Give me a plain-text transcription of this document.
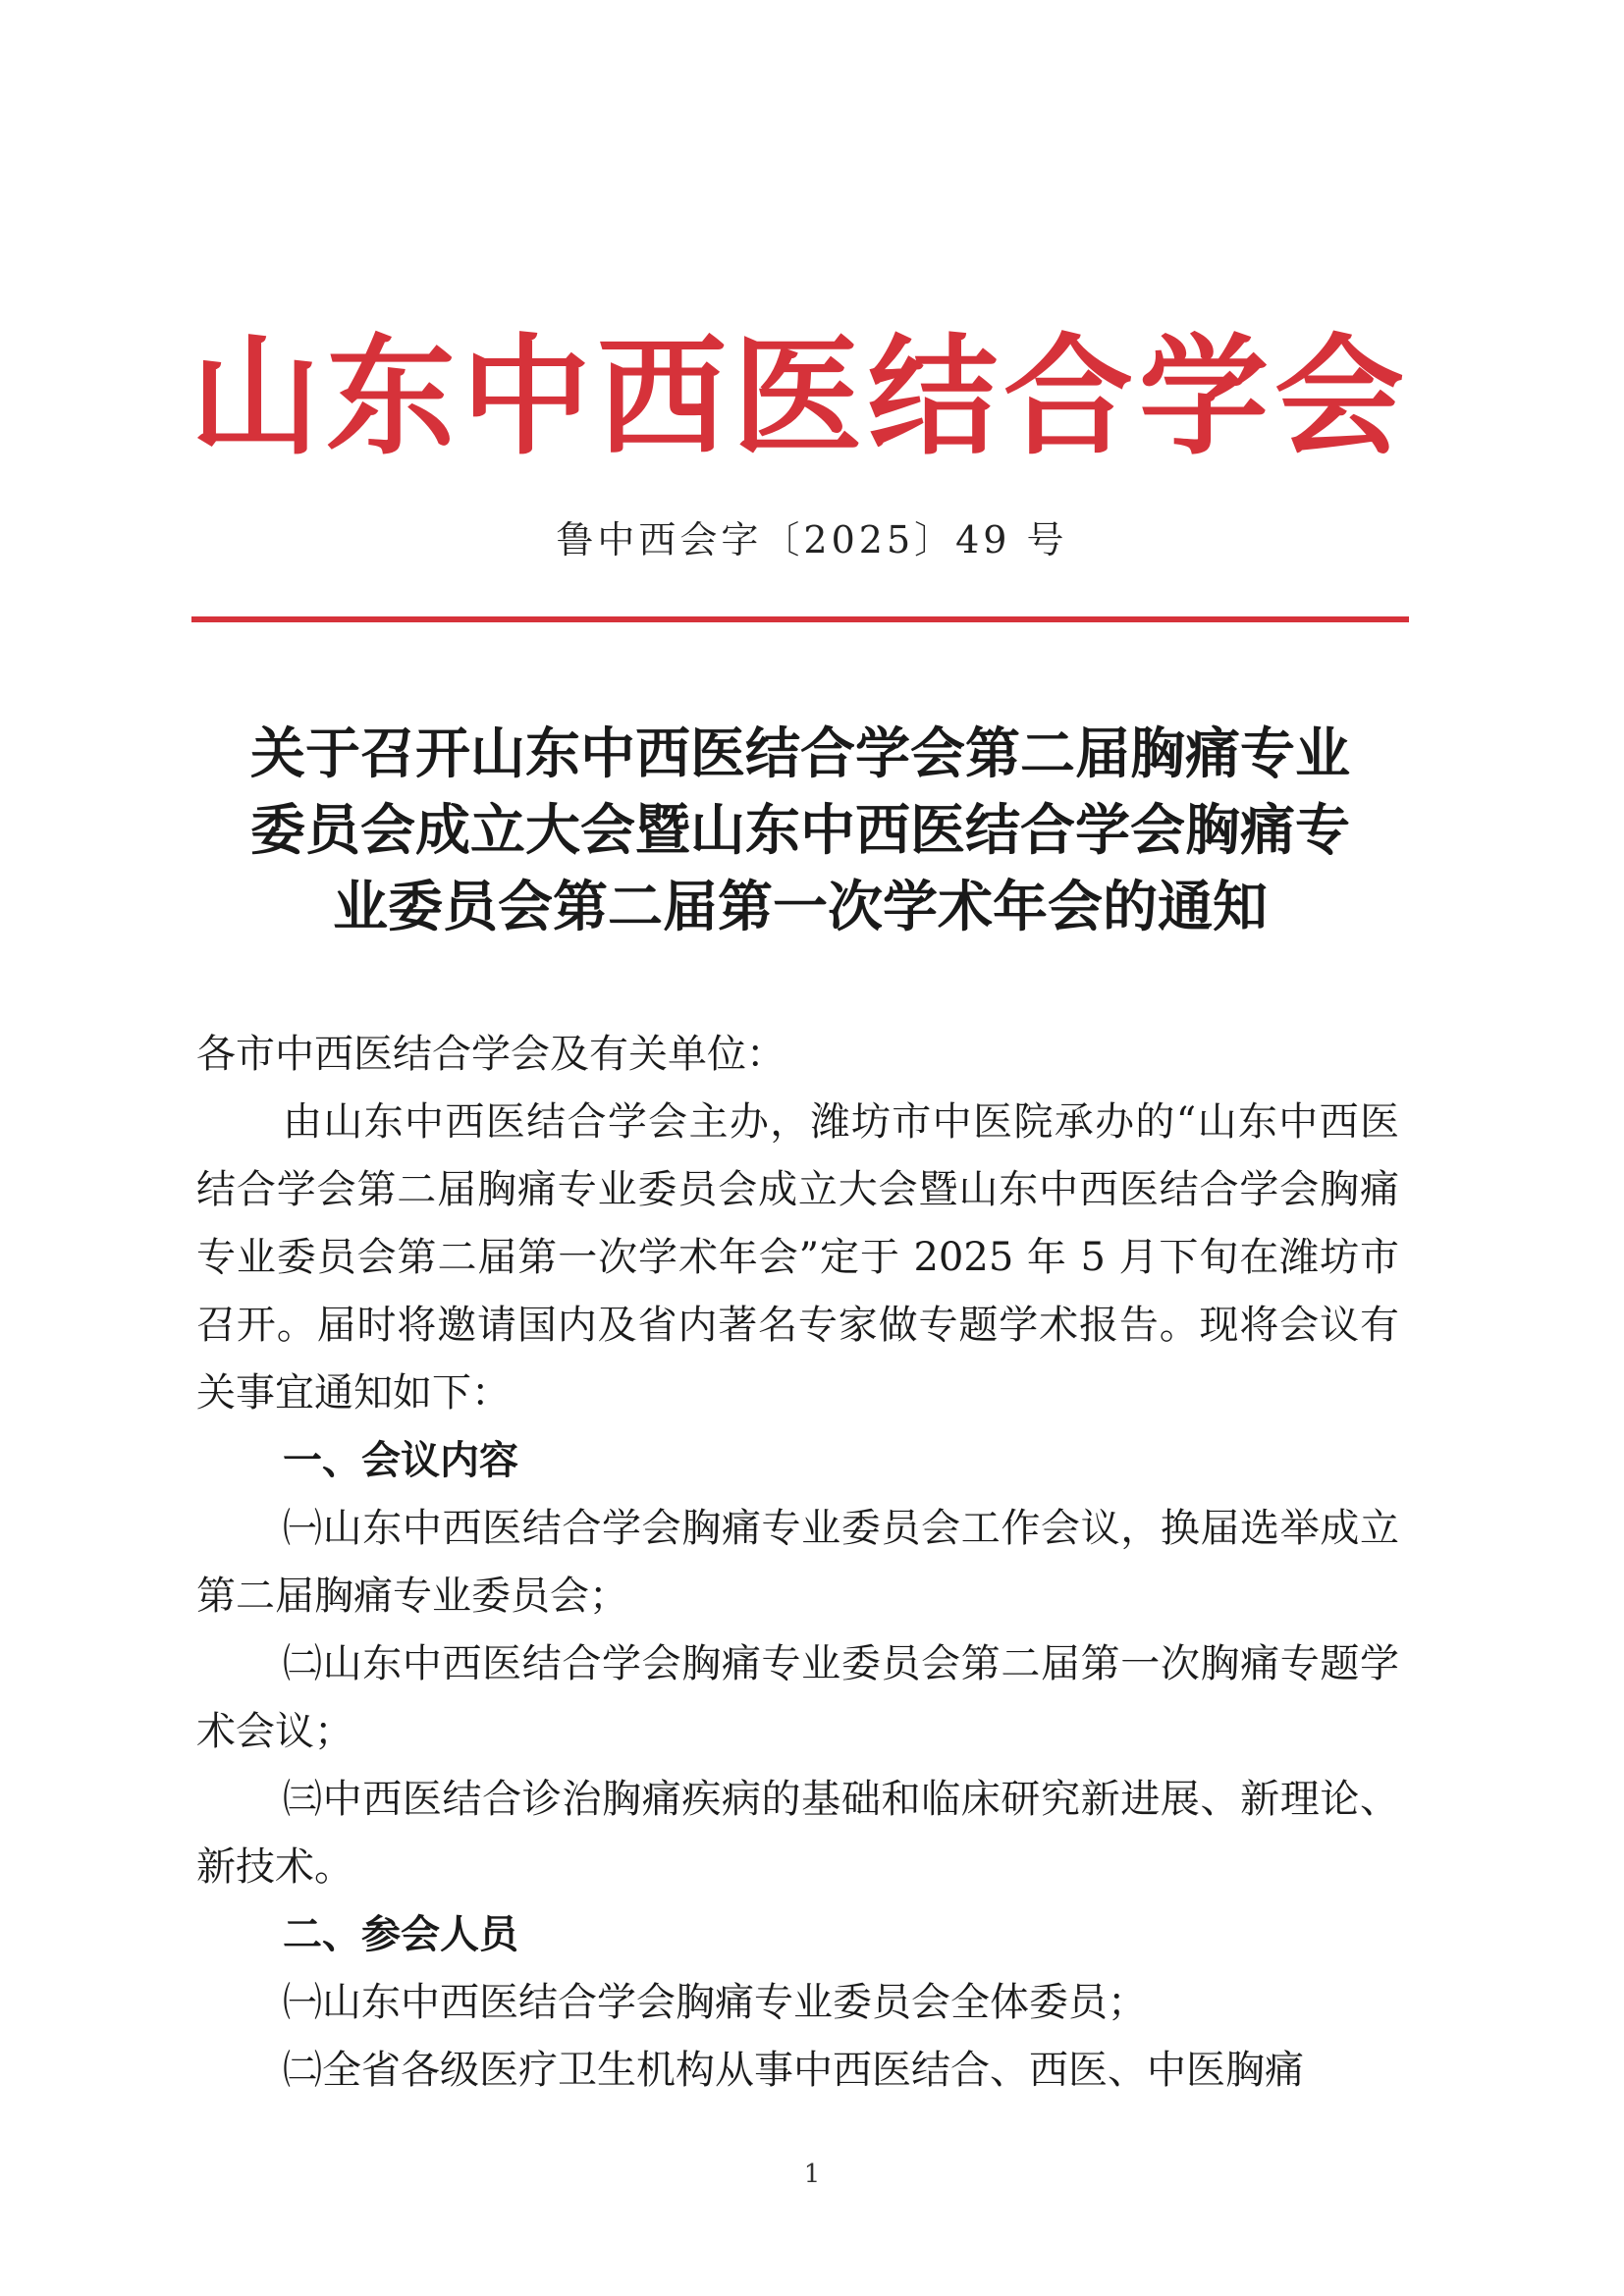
山东中西医结合学会
鲁中西会字〔2025〕49 号
关于召开山东中西医结合学会第二届胸痛专业
委员会成立大会暨山东中西医结合学会胸痛专
业委员会第二届第一次学术年会的通知

各市中西医结合学会及有关单位：

由山东中西医结合学会主办，潍坊市中医院承办的“山东中西医结合学会第二届胸痛专业委员会成立大会暨山东中西医结合学会胸痛专业委员会第二届第一次学术年会”定于 2025 年 5 月下旬在潍坊市召开。届时将邀请国内及省内著名专家做专题学术报告。现将会议有关事宜通知如下：

一、会议内容

㈠山东中西医结合学会胸痛专业委员会工作会议，换届选举成立第二届胸痛专业委员会；

㈡山东中西医结合学会胸痛专业委员会第二届第一次胸痛专题学术会议；

㈢中西医结合诊治胸痛疾病的基础和临床研究新进展、新理论、新技术。

二、参会人员

㈠山东中西医结合学会胸痛专业委员会全体委员；

㈡全省各级医疗卫生机构从事中西医结合、西医、中医胸痛

1
